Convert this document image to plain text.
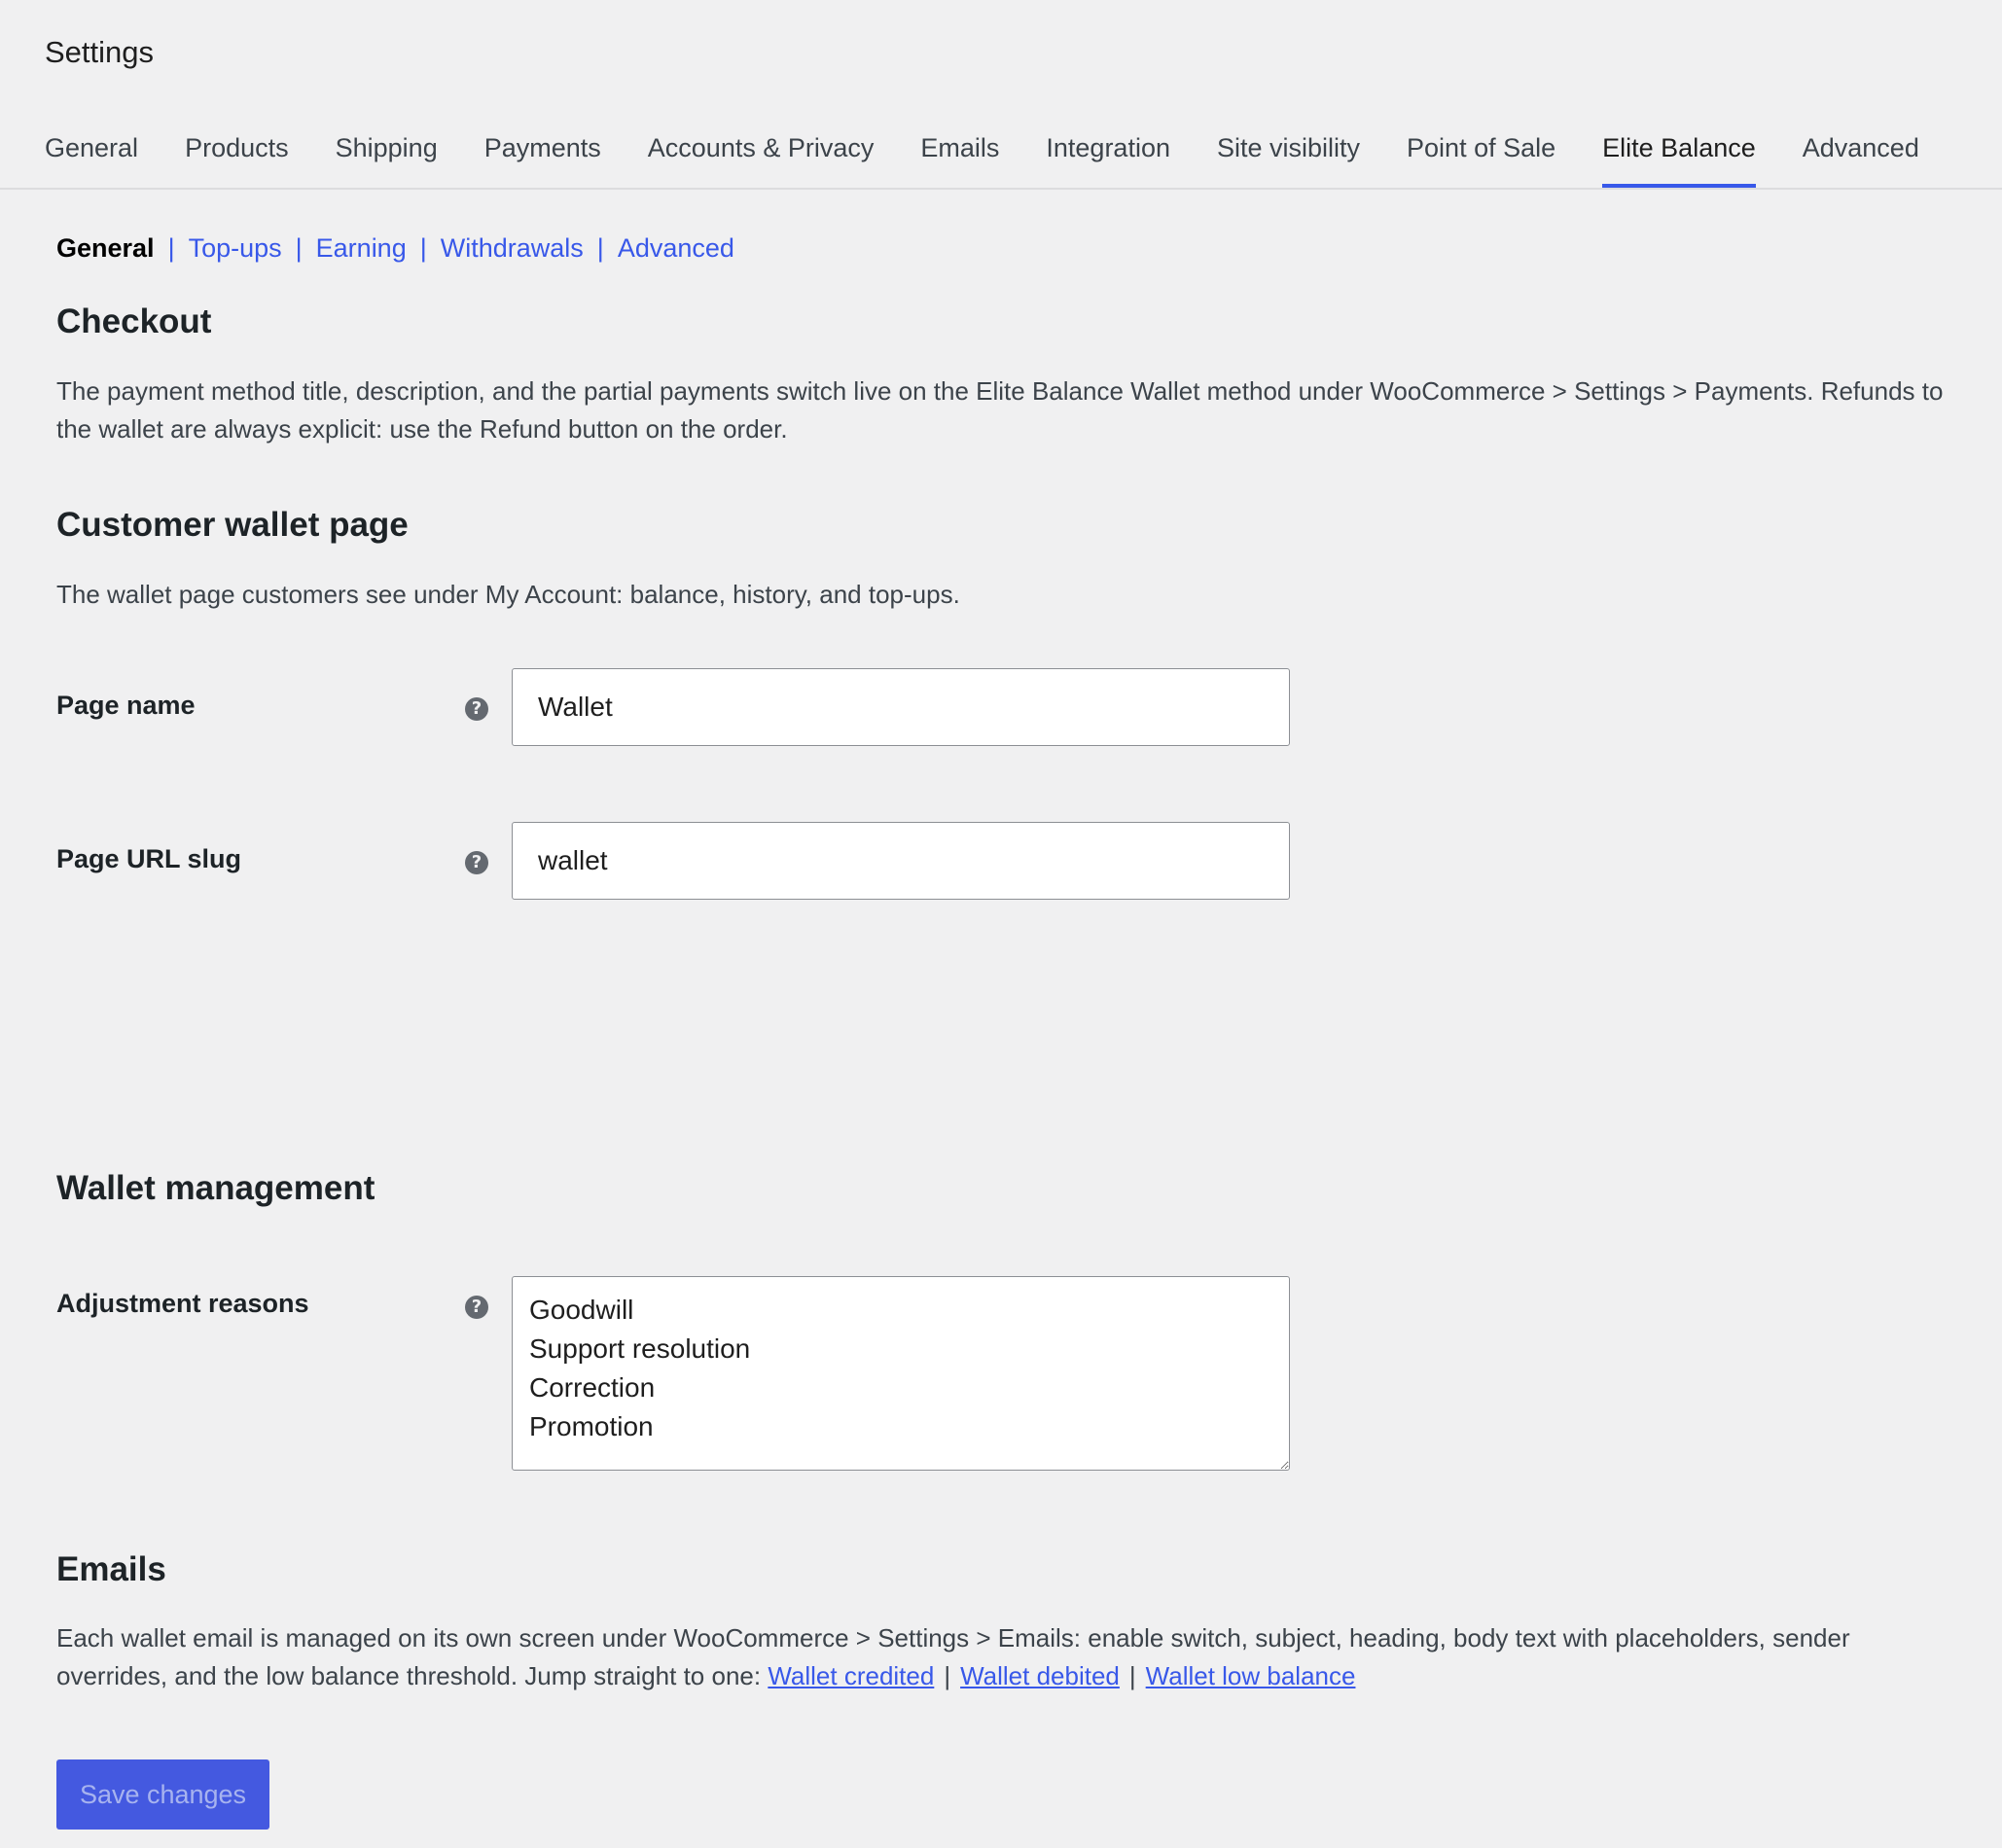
Settings
General Products Shipping Payments Accounts & Privacy Emails Integration Site visibility Point of Sale Elite Balance Advanced
General | Top-ups | Earning | Withdrawals | Advanced
Checkout

The payment method title, description, and the partial payments switch live on the Elite Balance Wallet method under WooCommerce > Settings > Payments. Refunds to the wallet are always explicit: use the Refund button on the order.

Customer wallet page

The wallet page customers see under My Account: balance, history, and top-ups.

Page name	?
Wallet
Page URL slug	?
wallet
Wallet management
Adjustment reasons	?
Goodwill Support resolution Correction Promotion
Emails

Each wallet email is managed on its own screen under WooCommerce > Settings > Emails: enable switch, subject, heading, body text with placeholders, sender overrides, and the low balance threshold. Jump straight to one: Wallet credited | Wallet debited | Wallet low balance

Save changes
